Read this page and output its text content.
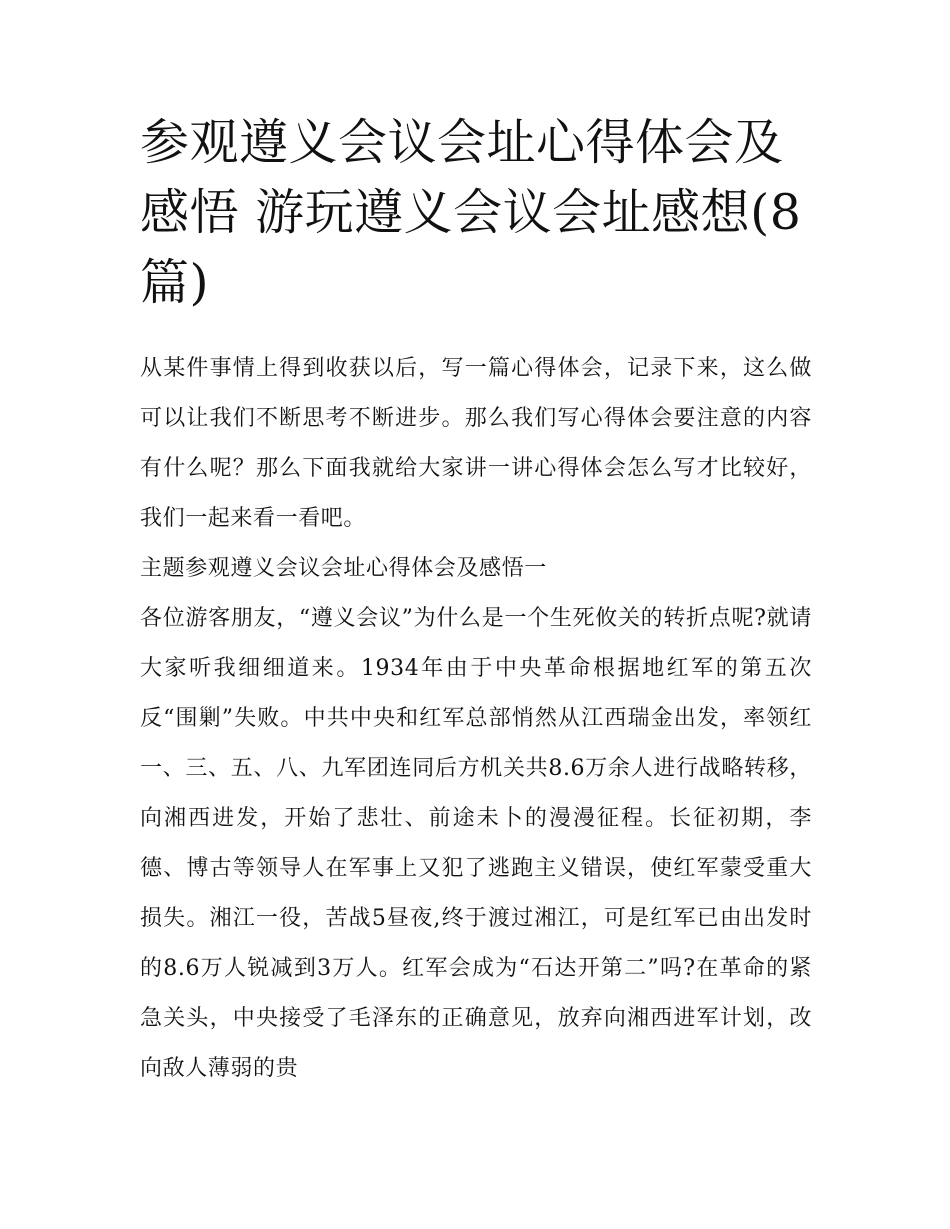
参观遵义会议会址心得体会及感悟 游玩遵义会议会址感想(8篇)

从某件事情上得到收获以后，写一篇心得体会，记录下来，这么做可以让我们不断思考不断进步。那么我们写心得体会要注意的内容有什么呢？那么下面我就给大家讲一讲心得体会怎么写才比较好，我们一起来看一看吧。

主题参观遵义会议会址心得体会及感悟一

各位游客朋友，“遵义会议”为什么是一个生死攸关的转折点呢?就请大家听我细细道来。1934年由于中央革命根据地红军的第五次反“围剿”失败。中共中央和红军总部悄然从江西瑞金出发，率领红一、三、五、八、九军团连同后方机关共8.6万余人进行战略转移，向湘西进发，开始了悲壮、前途未卜的漫漫征程。长征初期，李德、博古等领导人在军事上又犯了逃跑主义错误，使红军蒙受重大损失。湘江一役，苦战5昼夜,终于渡过湘江，可是红军已由出发时的8.6万人锐减到3万人。红军会成为“石达开第二”吗?在革命的紧急关头，中央接受了毛泽东的正确意见，放弃向湘西进军计划，改向敌人薄弱的贵
